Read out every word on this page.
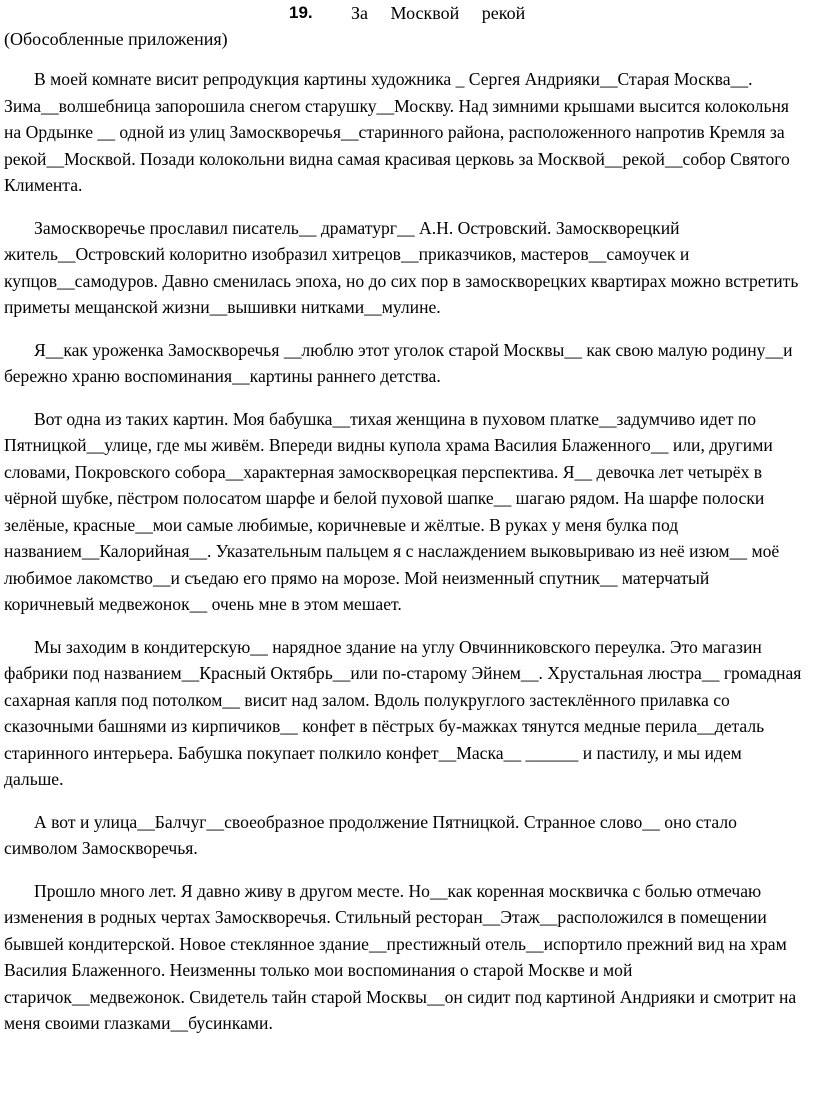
19. За Москвой рекой
(Обособленные приложения)

В моей комнате висит репродукция картины художника _ Сергея Андрияки__Старая Москва__. Зима__волшебница запорошила снегом старушку__Москву. Над зимними крышами высится колокольня на Ордынке __ одной из улиц Замоскворечья__старинного района, расположенного напротив Кремля за рекой__Москвой. Позади колокольни видна самая красивая церковь за Москвой__рекой__собор Святого Климента.

Замоскворечье прославил писатель__ драматург__ А.Н. Островский. Замоскворецкий житель__Островский колоритно изобразил хитрецов__приказчиков, мастеров__самоучек и купцов__самодуров. Давно сменилась эпоха, но до сих пор в замоскворецких квартирах можно встретить приметы мещанской жизни__вышивки нитками__мулине.

Я__как уроженка Замоскворечья __люблю этот уголок старой Москвы__ как свою малую родину__и бережно храню воспоминания__картины раннего детства.

Вот одна из таких картин. Моя бабушка__тихая женщина в пуховом платке__задумчиво идет по Пятницкой__улице, где мы живём. Впереди видны купола храма Василия Блаженного__ или, другими словами, Покровского собора__характерная замоскворецкая перспектива. Я__ девочка лет четырёх в чёрной шубке, пёстром полосатом шарфе и белой пуховой шапке__ шагаю рядом. На шарфе полоски зелёные, красные__мои самые любимые, коричневые и жёлтые. В руках у меня булка под названием__Калорийная__. Указательным пальцем я с наслаждением выковыриваю из неё изюм__ моё любимое лакомство__и съедаю его прямо на морозе. Мой неизменный спутник__ матерчатый коричневый медвежонок__ очень мне в этом мешает.

Мы заходим в кондитерскую__ нарядное здание на углу Овчинниковского переулка. Это магазин фабрики под названием__Красный Октябрь__или по-старому Эйнем__. Хрустальная люстра__ громадная сахарная капля под потолком__ висит над залом. Вдоль полукруглого застеклённого прилавка со сказочными башнями из кирпичиков__ конфет в пёстрых бу-мажках тянутся медные перила__деталь старинного интерьера. Бабушка покупает полкило конфет__Маска__ ______ и пастилу, и мы идем дальше.

А вот и улица__Балчуг__своеобразное продолжение Пятницкой. Странное слово__ оно стало символом Замоскворечья.

Прошло много лет. Я давно живу в другом месте. Но__как коренная москвичка с болью отмечаю изменения в родных чертах Замоскворечья. Стильный ресторан__Этаж__расположился в помещении бывшей кондитерской. Новое стеклянное здание__престижный отель__испортило прежний вид на храм Василия Блаженного. Неизменны только мои воспоминания о старой Москве и мой старичок__медвежонок. Свидетель тайн старой Москвы__он сидит под картиной Андрияки и смотрит на меня своими глазками__бусинками.
